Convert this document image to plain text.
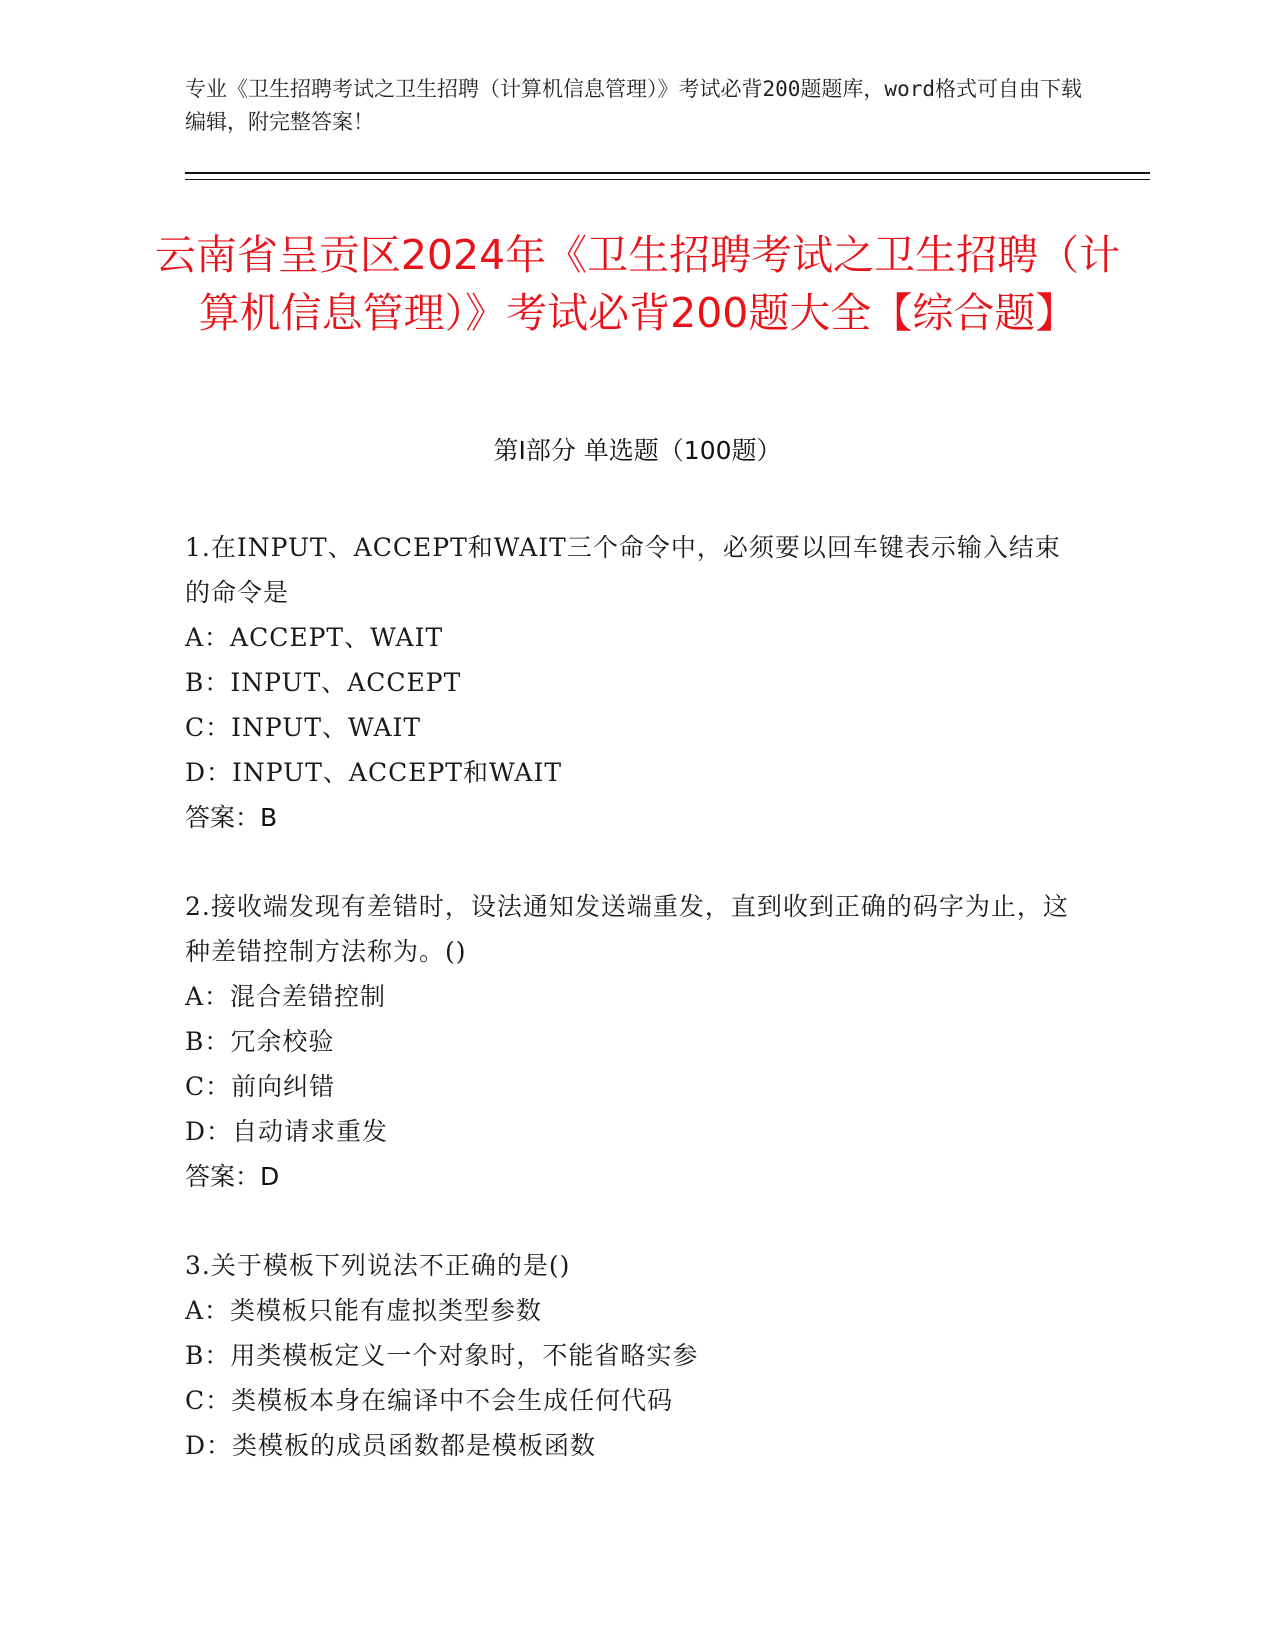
专业《卫生招聘考试之卫生招聘（计算机信息管理）》考试必背200题题库，word格式可自由下载编辑，附完整答案！
云南省呈贡区2024年《卫生招聘考试之卫生招聘（计算机信息管理）》考试必背200题大全【综合题】
第Ⅰ部分 单选题（100题）
1.在INPUT、ACCEPT和WAIT三个命令中，必须要以回车键表示输入结束的命令是
A：ACCEPT、WAIT
B：INPUT、ACCEPT
C：INPUT、WAIT
D：INPUT、ACCEPT和WAIT
答案：B
2.接收端发现有差错时，设法通知发送端重发，直到收到正确的码字为止，这种差错控制方法称为。()
A：混合差错控制
B：冗余校验
C：前向纠错
D：自动请求重发
答案：D
3.关于模板下列说法不正确的是()
A：类模板只能有虚拟类型参数
B：用类模板定义一个对象时，不能省略实参
C：类模板本身在编译中不会生成任何代码
D：类模板的成员函数都是模板函数
